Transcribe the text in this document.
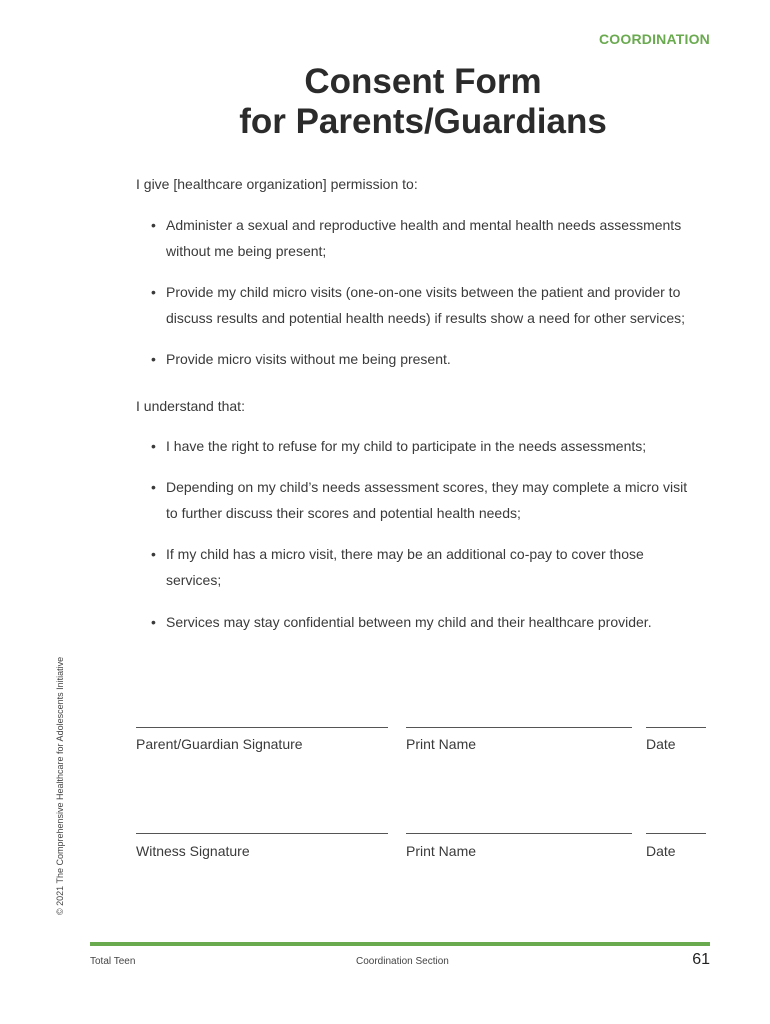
COORDINATION
Consent Form
for Parents/Guardians
I give [healthcare organization] permission to:
• Administer a sexual and reproductive health and mental health needs assessments
without me being present;
• Provide my child micro visits (one-on-one visits between the patient and provider to
discuss results and potential health needs) if results show a need for other services;
• Provide micro visits without me being present.
I understand that:
• I have the right to refuse for my child to participate in the needs assessments;
• Depending on my child’s needs assessment scores, they may complete a micro visit
to further discuss their scores and potential health needs;
• If my child has a micro visit, there may be an additional co-pay to cover those
services;
• Services may stay confidential between my child and their healthcare provider.
© 2021 The Comprehensive Healthcare for Adolescents Initiative	Parent/Guardian Signature	Print Name	Date
Witness Signature	Print Name	Date
Total Teen	Coordination Section	61
